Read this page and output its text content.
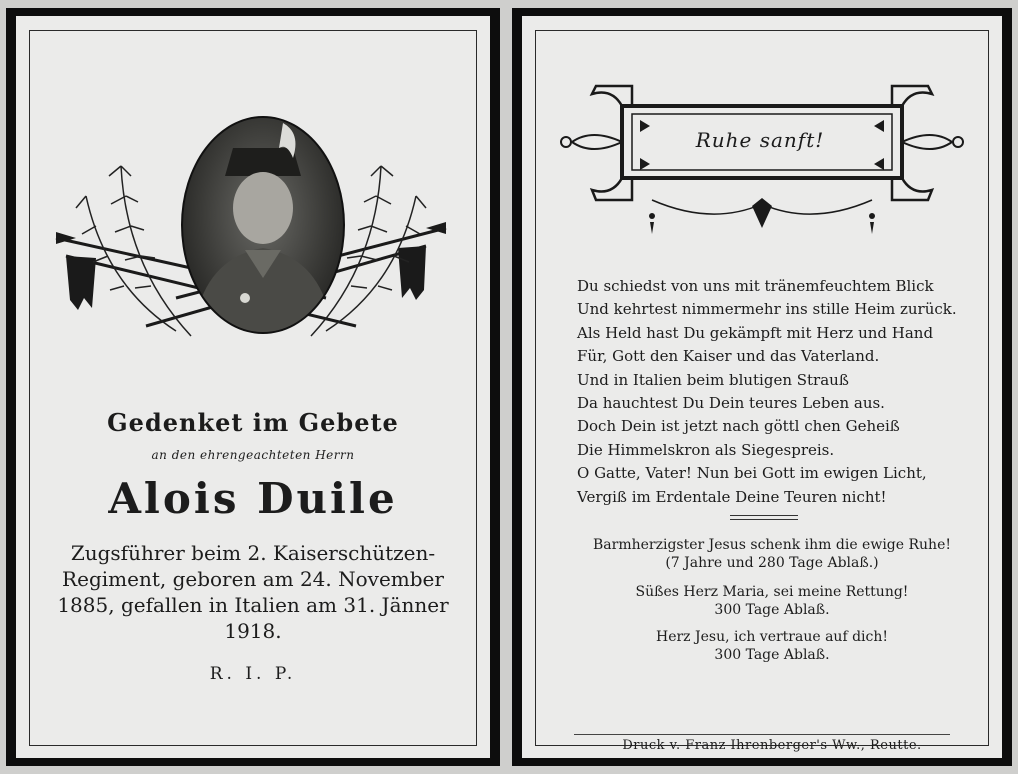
Gedenket im Gebete
an den ehrengeachteten Herrn
Alois Duile
Zugsführer beim 2. Kaiserschützen-
Regiment, geboren am 24. November
1885, gefallen in Italien am 31. Jänner
1918.
R. I. P.
Ruhe sanft!
Du schiedst von uns mit tränemfeuchtem Blick
Und kehrtest nimmermehr ins stille Heim zurück.
Als Held hast Du gekämpft mit Herz und Hand
Für, Gott den Kaiser und das Vaterland.
Und in Italien beim blutigen Strauß
Da hauchtest Du Dein teures Leben aus.
Doch Dein ist jetzt nach göttl chen Geheiß
Die Himmelskron als Siegespreis.
O Gatte, Vater! Nun bei Gott im ewigen Licht,
Vergiß im Erdentale Deine Teuren nicht!
Barmherzigster Jesus schenk ihm die ewige Ruhe!
(7 Jahre und 280 Tage Ablaß.)
Süßes Herz Maria, sei meine Rettung!
300 Tage Ablaß.
Herz Jesu, ich vertraue auf dich!
300 Tage Ablaß.
Druck v. Franz Ihrenberger's Ww., Reutte.
